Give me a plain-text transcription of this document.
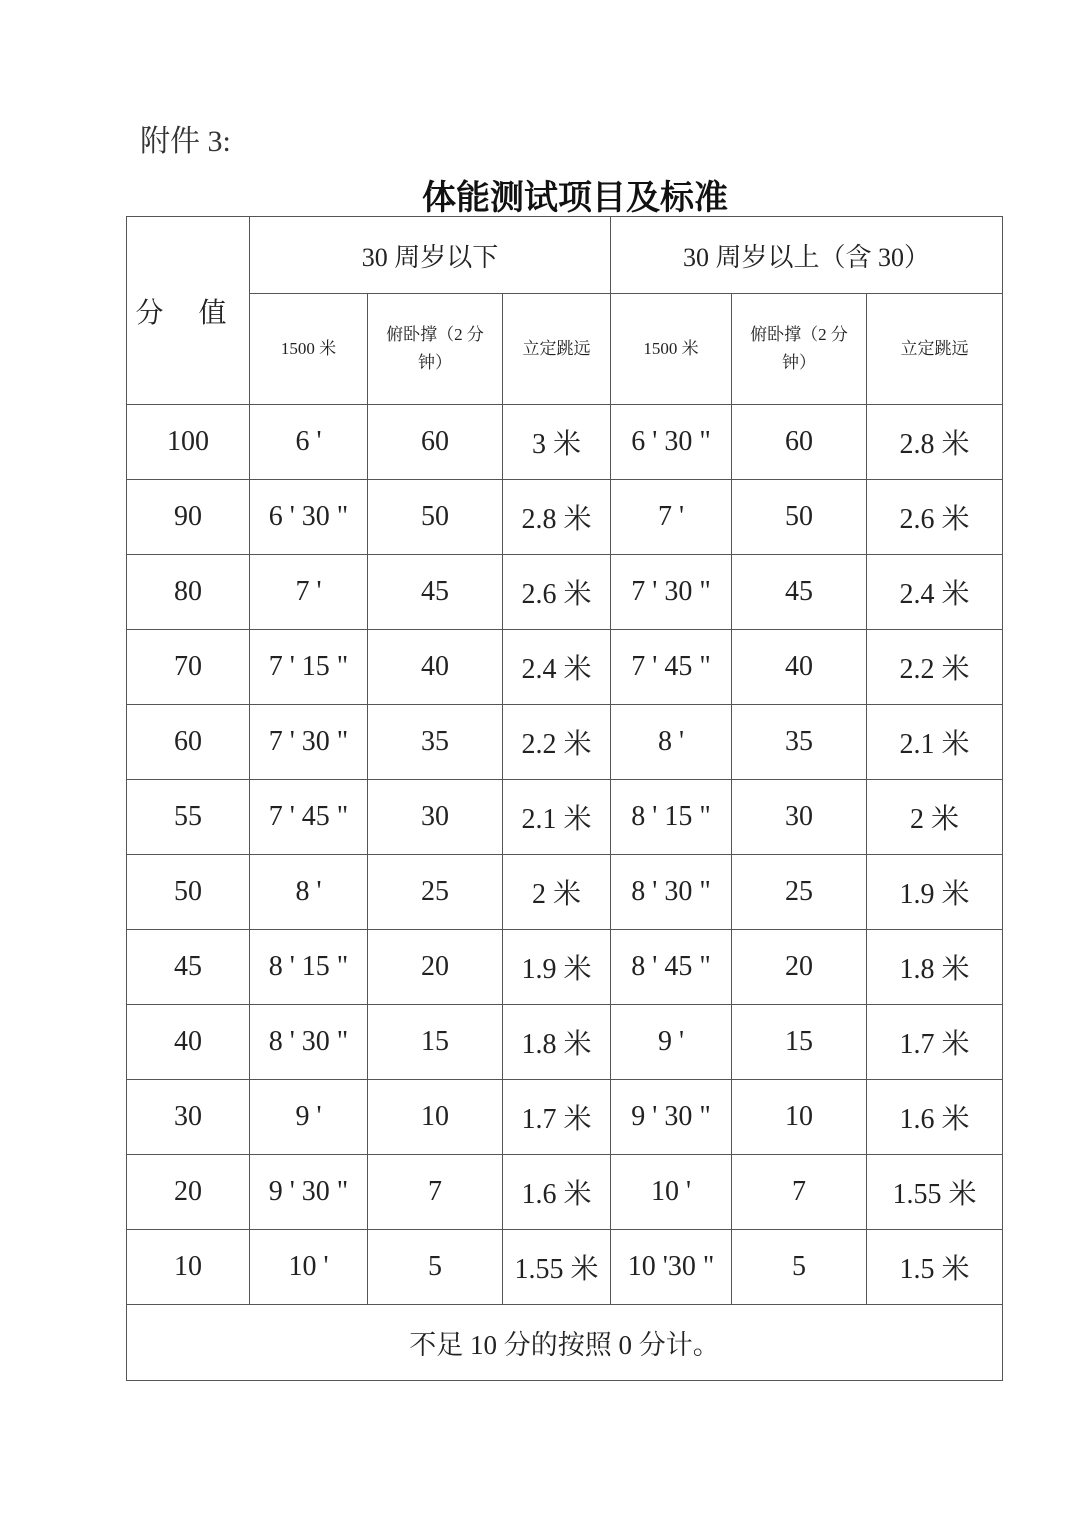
附件 3:
体能测试项目及标准
分 值	30 周岁以下			30 周岁以上（含 30）		
	1500 米	俯卧撑（2 分钟）	立定跳远	1500 米	俯卧撑（2 分钟）	立定跳远
100	6 '	60	3 米	6 ' 30 "	60	2.8 米
90	6 ' 30 "	50	2.8 米	7 '	50	2.6 米
80	7 '	45	2.6 米	7 ' 30 "	45	2.4 米
70	7 ' 15 "	40	2.4 米	7 ' 45 "	40	2.2 米
60	7 ' 30 "	35	2.2 米	8 '	35	2.1 米
55	7 ' 45 "	30	2.1 米	8 ' 15 "	30	2 米
50	8 '	25	2 米	8 ' 30 "	25	1.9 米
45	8 ' 15 "	20	1.9 米	8 ' 45 "	20	1.8 米
40	8 ' 30 "	15	1.8 米	9 '	15	1.7 米
30	9 '	10	1.7 米	9 ' 30 "	10	1.6 米
20	9 ' 30 "	7	1.6 米	10 '	7	1.55 米
10	10 '	5	1.55 米	10 '30 "	5	1.5 米
不足 10 分的按照 0 分计。						
